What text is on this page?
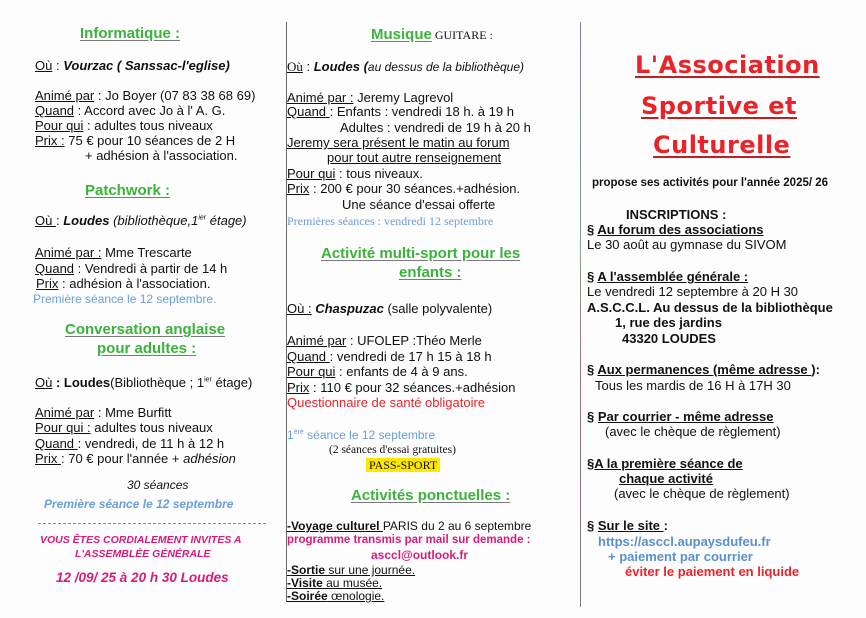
Informatique :
Où : Vourzac ( Sanssac-l'eglise)
Animé par : Jo Boyer (07 83 38 68 69)
Quand : Accord avec Jo à l' A. G.
Pour qui : adultes tous niveaux
Prix : 75 € pour 10 séances de 2 H
+ adhésion à l'association.
Patchwork :
Où : Loudes ($bibliothèque,1^{ier}$ étage)
Animé par : Mme Trescarte
Quand : Vendredi à partir de 14 h
Prix : adhésion à l'association.
Première séance le 12 septembre.
Conversation anglaise
pour adultes :
Où : Loudes(Bibliothèque ; $1^{ier}$ étage)
Animé par : Mme Burfitt
Pour qui : adultes tous niveaux
Quand : vendredi, de 11 h à 12 h
Prix : 70 € pour l'année + adhésion
30 séances
Première séance le 12 septembre
VOUS ÊTES CORDIALEMENT INVITES A
L'ASSEMBLÉE GÉNÉRALE
12 /09/ 25 à 20 h 30 Loudes
Musique GUITARE :
Où : Loudes (au dessus de la bibliothèque)
Animé par : Jeremy Lagrevol
Quand : Enfants : vendredi 18 h. à 19 h
Adultes : vendredi de 19 h à 20 h
Jeremy sera présent le matin au forum
pour tout autre renseignement
Pour qui : tous niveaux.
Prix : 200 € pour 30 séances.+adhésion.
Une séance d'essai offerte
Premières séances : vendredi 12 septembre
Activité multi-sport pour les
enfants :
Où : Chaspuzac (salle polyvalente)
Animé par : UFOLEP :Théo Merle
Quand : vendredi de 17 h 15 à 18 h
Pour qui : enfants de 4 à 9 ans.
Prix : 110 € pour 32 séances.+adhésion
Questionnaire de santé obligatoire
1ère séance le 12 septembre
(2 séances d'essai gratuites)
PASS-SPORT
Activités ponctuelles :
-Voyage culturel PARIS du 2 au 6 septembre
programme transmis par mail sur demande :
asccl@outlook.fr
-Sortie sur une journée.
-Visite au musée.
-Soirée œnologie.
L'Association
Sportive et
Culturelle
propose ses activités pour l'année 2025/ 26
INSCRIPTIONS :
§ Au forum des associations
Le 30 août au gymnase du SIVOM
§ A l'assemblée générale :
Le vendredi 12 septembre à 20 H 30
A.S.C.C.L. Au dessus de la bibliothèque
1, rue des jardins
43320 LOUDES
§ Aux permanences (même adresse ):
Tous les mardis de 16 H à 17H 30
§ Par courrier - même adresse
(avec le chèque de règlement)
§A la première séance de
chaque activité
(avec le chèque de règlement)
§ Sur le site :
https://asccl.aupaysdufeu.fr
+ paiement par courrier
éviter le paiement en liquide
